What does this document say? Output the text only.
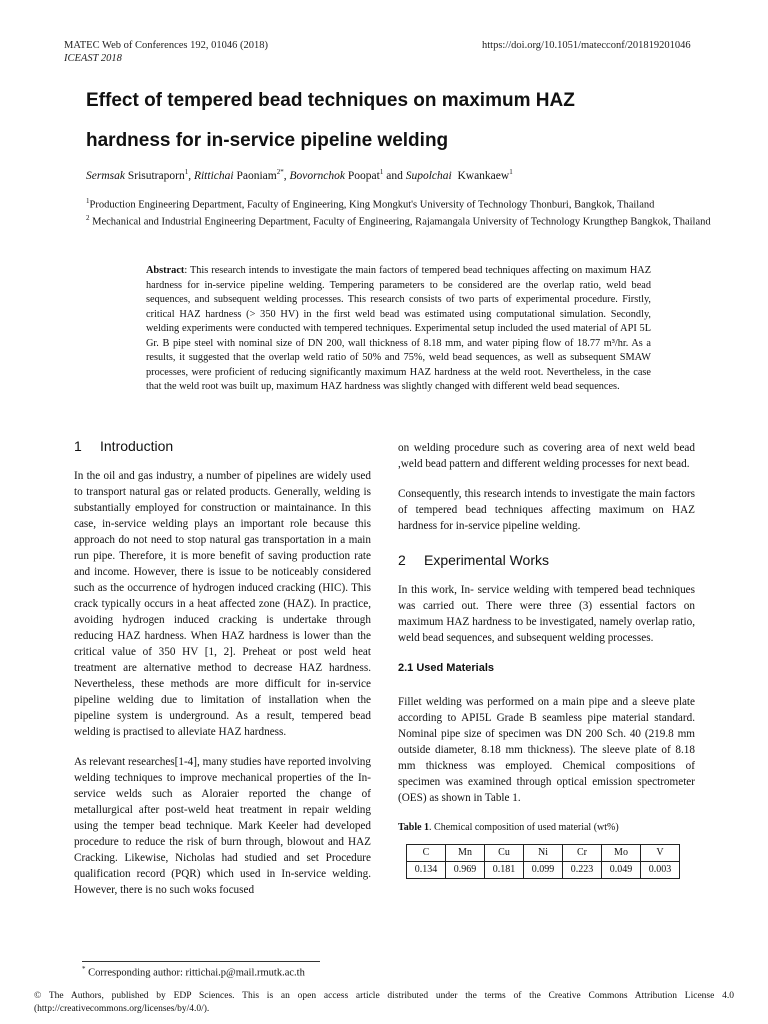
MATEC Web of Conferences 192, 01046 (2018)
ICEAST 2018
https://doi.org/10.1051/matecconf/201819201046
Effect of tempered bead techniques on maximum HAZ
hardness for in-service pipeline welding
Sermsak Srisutraporn$^1$, Rittichai Paoniam$^{2*}$, Bovornchok Poopat$^1$ and Supolchai  Kwankaew$^1$
$^1$Production Engineering Department, Faculty of Engineering, King Mongkut's University of Technology Thonburi, Bangkok, Thailand
$^2$ Mechanical and Industrial Engineering Department, Faculty of Engineering, Rajamangala University of Technology Krungthep Bangkok, Thailand
Abstract: This research intends to investigate the main factors of tempered bead techniques affecting on maximum HAZ hardness for in-service pipeline welding. Tempering parameters to be considered are the overlap ratio, weld bead sequences, and subsequent welding processes. This research consists of two parts of experimental procedure. Firstly, critical HAZ hardness (> 350 HV) in the first weld bead was estimated using computational simulation. Secondly, welding experiments were conducted with tempered techniques. Experimental setup included the used material of API 5L Gr. B pipe steel with nominal size of DN 200, wall thickness of 8.18 mm, and water piping flow of 18.77 m³/hr. As a results, it suggested that the overlap weld ratio of 50% and 75%, weld bead sequences, as well as subsequent SMAW processes, were proficient of reducing significantly maximum HAZ hardness at the weld root. Nevertheless, in the case that the weld root was built up, maximum HAZ hardness was slightly changed with different weld bead sequences.
1 Introduction

In the oil and gas industry, a number of pipelines are widely used to transport natural gas or related products. Generally, welding is substantially employed for construction or maintainance. In this case, in-service welding plays an important role because this approach do not need to stop natural gas transportation in a main run pipe. Therefore, it is more benefit of saving production rate and income. However, there is issue to be noticeably considered such as the occurrence of hydrogen induced cracking (HIC). This crack typically occurs in a heat affected zone (HAZ). In practice, avoiding hydrogen induced cracking is undertake through reducing HAZ hardness. When HAZ hardness is lower than the critical value of 350 HV [1, 2]. Preheat or post weld heat treatment are alternative method to decrease HAZ hardness. Nevertheless, these methods are more difficult for in-service pipeline welding due to limitation of installation when the pipeline system is underground. As a result, tempered bead welding is practised to alleviate HAZ hardness.

As relevant researches[1-4], many studies have reported involving welding techniques to improve mechanical properties of the In-service welds such as Aloraier reported the change of metallurgical after post-weld heat treatment in repair welding using the temper bead technique. Mark Keeler had developed procedure to reduce the risk of burn through, blowout and HAZ Cracking. Likewise, Nicholas had studied and set Procedure qualification record (PQR) which used in In-service welding. However, there is no such woks focused

on welding procedure such as covering area of next weld bead ,weld bead pattern and different welding processes for next bead.

Consequently, this research intends to investigate the main factors of tempered bead techniques affecting maximum on HAZ hardness for in-service pipeline welding.

2 Experimental Works

In this work, In- service welding with tempered bead techniques was carried out. There were three (3) essential factors on maximum HAZ hardness to be investigated, namely overlap ratio, weld bead sequences, and subsequent welding processes.

2.1 Used Materials

Fillet welding was performed on a main pipe and a sleeve plate according to API5L Grade B seamless pipe material standard. Nominal pipe size of specimen was DN 200 Sch. 40 (219.8 mm outside diameter, 8.18 mm thickness). The sleeve plate of 8.18 mm thickness was employed. Chemical compositions of specimen was examined through optical emission spectrometer (OES) as shown in Table 1.

Table 1. Chemical composition of used material (wt%)
C	Mn	Cu	Ni	Cr	Mo	V
0.134	0.969	0.181	0.099	0.223	0.049	0.003
* Corresponding author: rittichai.p@mail.rmutk.ac.th
© The Authors, published by EDP Sciences. This is an open access article distributed under the terms of the Creative Commons Attribution License 4.0 (http://creativecommons.org/licenses/by/4.0/).
